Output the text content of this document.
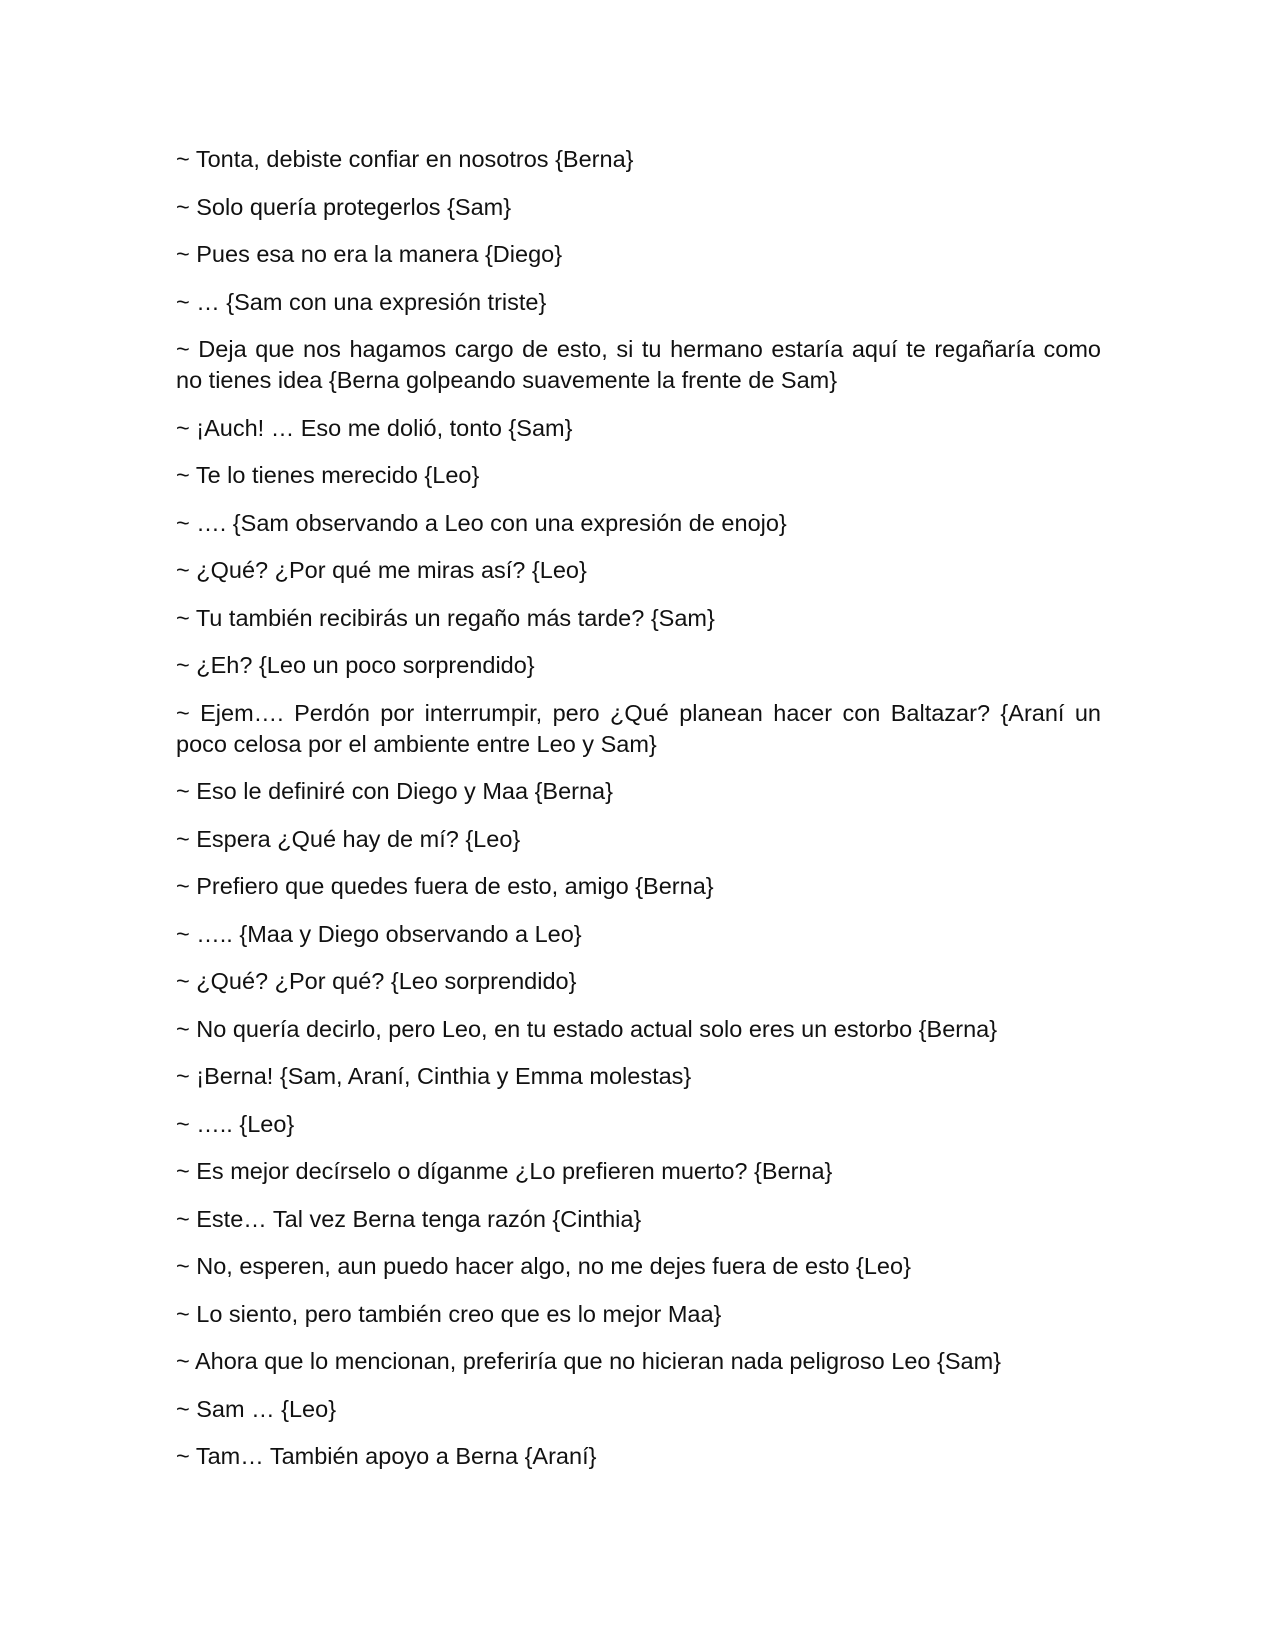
~ Tonta, debiste confiar en nosotros {Berna}

~ Solo quería protegerlos {Sam}

~ Pues esa no era la manera {Diego}

~ … {Sam con una expresión triste}

~ Deja que nos hagamos cargo de esto, si tu hermano estaría aquí te regañaría como no tienes idea {Berna golpeando suavemente la frente de Sam}

~ ¡Auch! … Eso me dolió, tonto {Sam}

~ Te lo tienes merecido {Leo}

~ …. {Sam observando a Leo con una expresión de enojo}

~ ¿Qué? ¿Por qué me miras así? {Leo}

~ Tu también recibirás un regaño más tarde? {Sam}

~ ¿Eh? {Leo un poco sorprendido}

~ Ejem…. Perdón por interrumpir, pero ¿Qué planean hacer con Baltazar? {Araní un poco celosa por el ambiente entre Leo y Sam}

~ Eso le definiré con Diego y Maa {Berna}

~ Espera ¿Qué hay de mí? {Leo}

~ Prefiero que quedes fuera de esto, amigo {Berna}

~ ….. {Maa y Diego observando a Leo}

~ ¿Qué? ¿Por qué? {Leo sorprendido}

~ No quería decirlo, pero Leo, en tu estado actual solo eres un estorbo {Berna}

~ ¡Berna! {Sam, Araní, Cinthia y Emma molestas}

~ ….. {Leo}

~ Es mejor decírselo o díganme ¿Lo prefieren muerto? {Berna}

~ Este… Tal vez Berna tenga razón {Cinthia}

~ No, esperen, aun puedo hacer algo, no me dejes fuera de esto {Leo}

~ Lo siento, pero también creo que es lo mejor Maa}

~ Ahora que lo mencionan, preferiría que no hicieran nada peligroso Leo {Sam}

~ Sam … {Leo}

~ Tam… También apoyo a Berna {Araní}
